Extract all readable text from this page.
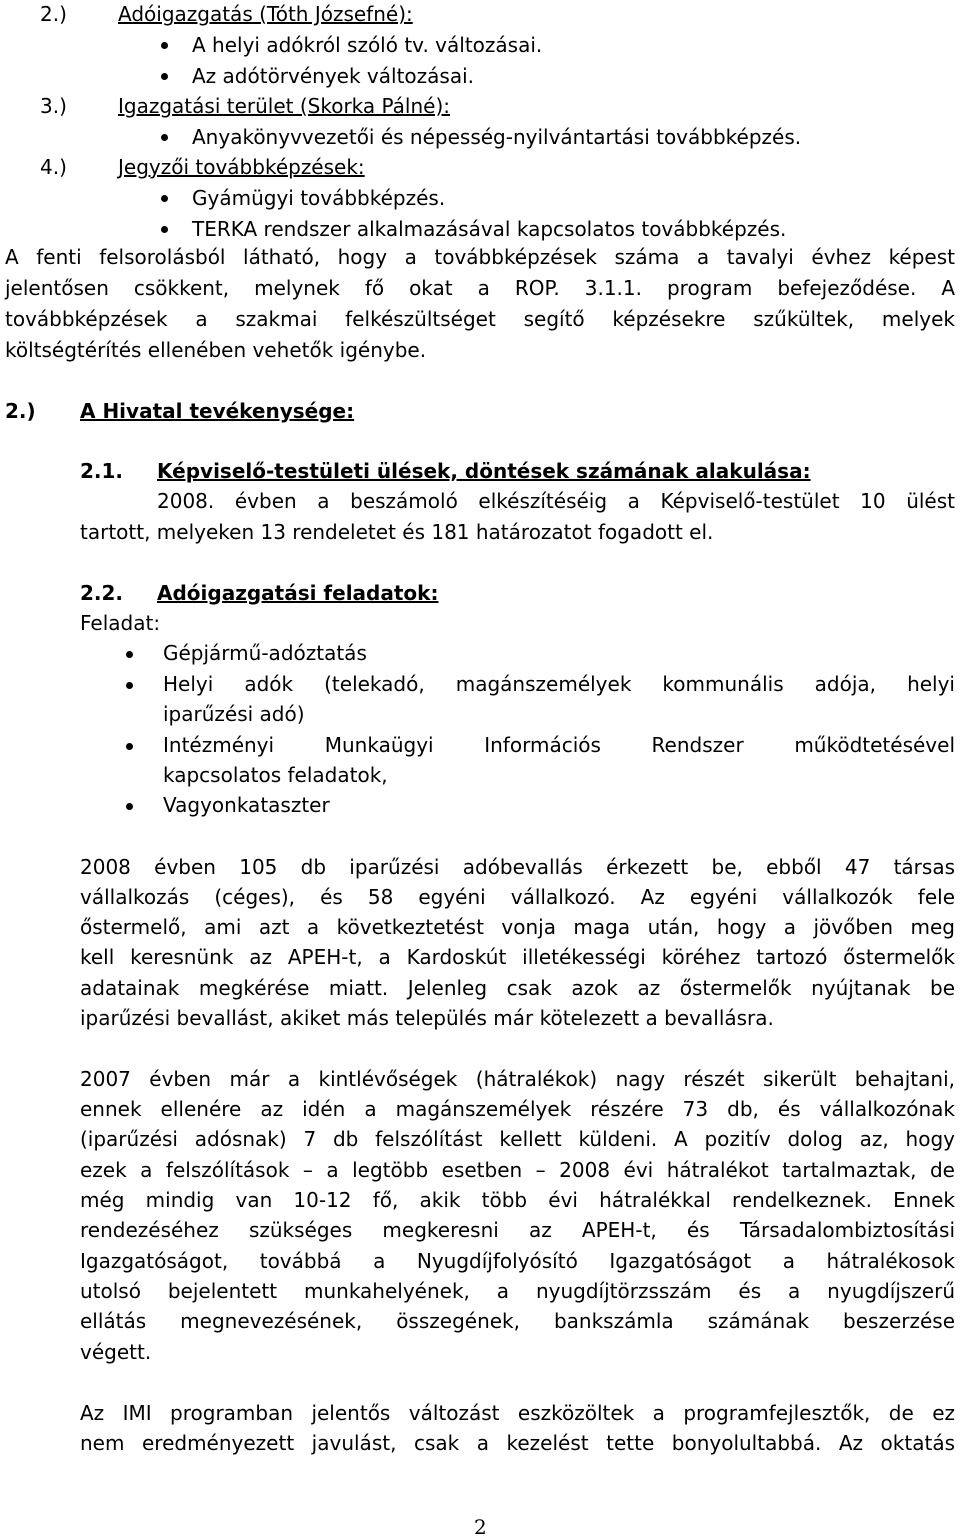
2.)	Adóigazgatás (Tóth Józsefné):
A helyi adókról szóló tv. változásai.
Az adótörvények változásai.
3.)	Igazgatási terület (Skorka Pálné):
Anyakönyvvezetői és népesség-nyilvántartási továbbképzés.
4.)	Jegyzői továbbképzések:
Gyámügyi továbbképzés.
TERKA rendszer alkalmazásával kapcsolatos továbbképzés.
A fenti felsorolásból látható, hogy a továbbképzések száma a tavalyi évhez képest
jelentősen csökkent, melynek fő okat a ROP. 3.1.1. program befejeződése. A
továbbképzések a szakmai felkészültséget segítő képzésekre szűkültek, melyek
költségtérítés ellenében vehetők igénybe.
2.) A Hivatal tevékenysége:
2.1. Képviselő-testületi ülések, döntések számának alakulása:
2008. évben a beszámoló elkészítéséig a Képviselő-testület 10 ülést
tartott, melyeken 13 rendeletet és 181 határozatot fogadott el.
2.2. Adóigazgatási feladatok:
Feladat:
Gépjármű-adóztatás
Helyi adók (telekadó, magánszemélyek kommunális adója, helyi
iparűzési adó)
Intézményi Munkaügyi Információs Rendszer működtetésével
kapcsolatos feladatok,
Vagyonkataszter
2008 évben 105 db iparűzési adóbevallás érkezett be, ebből 47 társas
vállalkozás (céges), és 58 egyéni vállalkozó. Az egyéni vállalkozók fele
őstermelő, ami azt a következtetést vonja maga után, hogy a jövőben meg
kell keresnünk az APEH-t, a Kardoskút illetékességi köréhez tartozó őstermelők
adatainak megkérése miatt. Jelenleg csak azok az őstermelők nyújtanak be
iparűzési bevallást, akiket más település már kötelezett a bevallásra.
2007 évben már a kintlévőségek (hátralékok) nagy részét sikerült behajtani,
ennek ellenére az idén a magánszemélyek részére 73 db, és vállalkozónak
(iparűzési adósnak) 7 db felszólítást kellett küldeni. A pozitív dolog az, hogy
ezek a felszólítások – a legtöbb esetben – 2008 évi hátralékot tartalmaztak, de
még mindig van 10-12 fő, akik több évi hátralékkal rendelkeznek. Ennek
rendezéséhez szükséges megkeresni az APEH-t, és Társadalombiztosítási
Igazgatóságot, továbbá a Nyugdíjfolyósító Igazgatóságot a hátralékosok
utolsó bejelentett munkahelyének, a nyugdíjtörzsszám és a nyugdíjszerű
ellátás megnevezésének, összegének, bankszámla számának beszerzése
végett.
Az IMI programban jelentős változást eszközöltek a programfejlesztők, de ez
nem eredményezett javulást, csak a kezelést tette bonyolultabbá. Az oktatás
2
